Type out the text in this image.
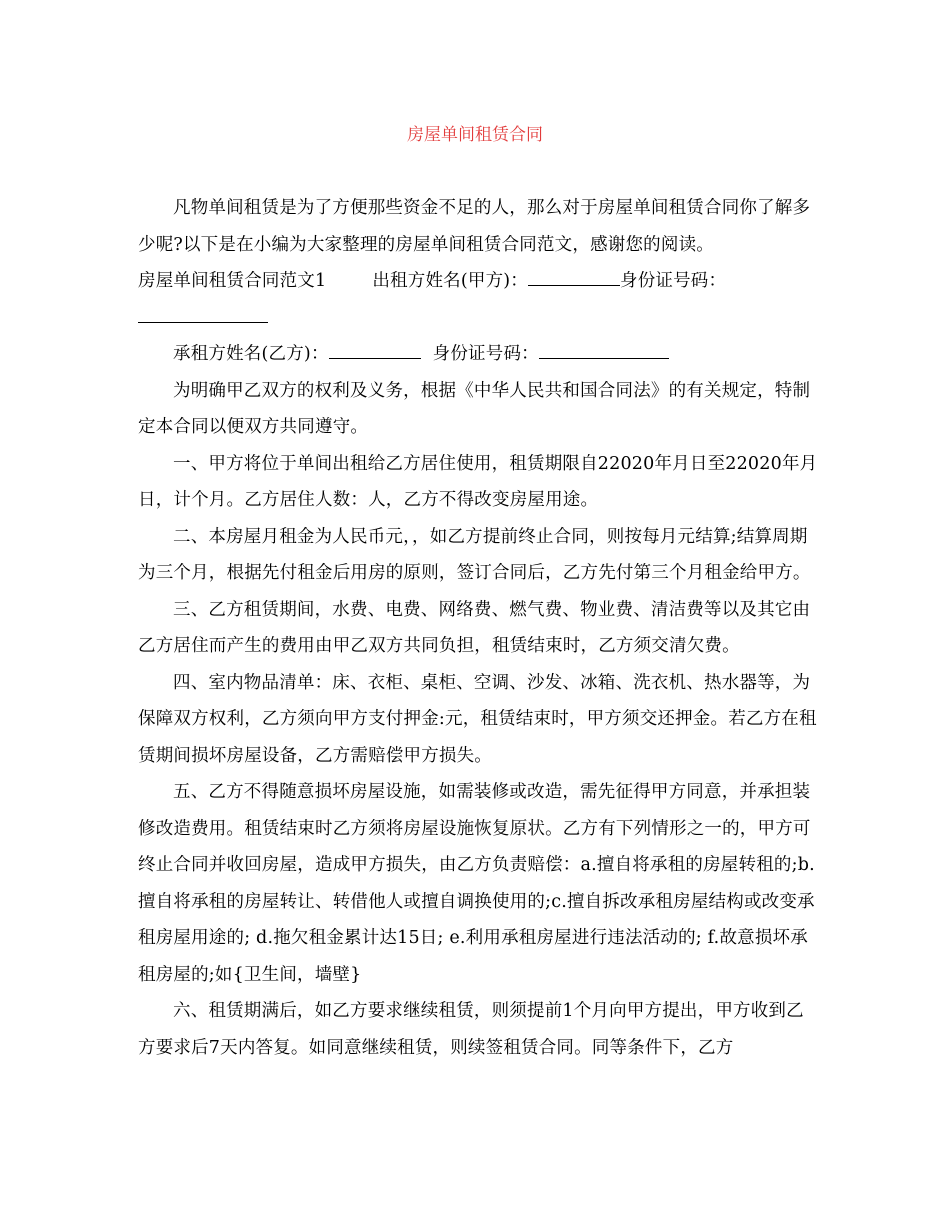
房屋单间租赁合同

凡物单间租赁是为了方便那些资金不足的人，那么对于房屋单间租赁合同你了解多少呢?以下是在小编为大家整理的房屋单间租赁合同范文，感谢您的阅读。

房屋单间租赁合同范文1	出租方姓名(甲方)：	身份证号码：

承租方姓名(乙方)：	身份证号码：

为明确甲乙双方的权利及义务，根据《中华人民共和国合同法》的有关规定，特制定本合同以便双方共同遵守。

一、甲方将位于单间出租给乙方居住使用，租赁期限自22020年月日至22020年月日，计个月。乙方居住人数：人，乙方不得改变房屋用途。

二、本房屋月租金为人民币元，，如乙方提前终止合同，则按每月元结算;结算周期为三个月，根据先付租金后用房的原则，签订合同后，乙方先付第三个月租金给甲方。

三、乙方租赁期间，水费、电费、网络费、燃气费、物业费、清洁费等以及其它由乙方居住而产生的费用由甲乙双方共同负担，租赁结束时，乙方须交清欠费。

四、室内物品清单：床、衣柜、桌柜、空调、沙发、冰箱、洗衣机、热水器等，为保障双方权利，乙方须向甲方支付押金:元，租赁结束时，甲方须交还押金。若乙方在租赁期间损坏房屋设备，乙方需赔偿甲方损失。

五、乙方不得随意损坏房屋设施，如需装修或改造，需先征得甲方同意，并承担装修改造费用。租赁结束时乙方须将房屋设施恢复原状。乙方有下列情形之一的，甲方可终止合同并收回房屋，造成甲方损失，由乙方负责赔偿：a.擅自将承租的房屋转租的;b.擅自将承租的房屋转让、转借他人或擅自调换使用的;c.擅自拆改承租房屋结构或改变承租房屋用途的; d.拖欠租金累计达15日; e.利用承租房屋进行违法活动的; f.故意损坏承租房屋的;如{卫生间，墙壁}

六、租赁期满后，如乙方要求继续租赁，则须提前1个月向甲方提出，甲方收到乙方要求后7天内答复。如同意继续租赁，则续签租赁合同。同等条件下，乙方
